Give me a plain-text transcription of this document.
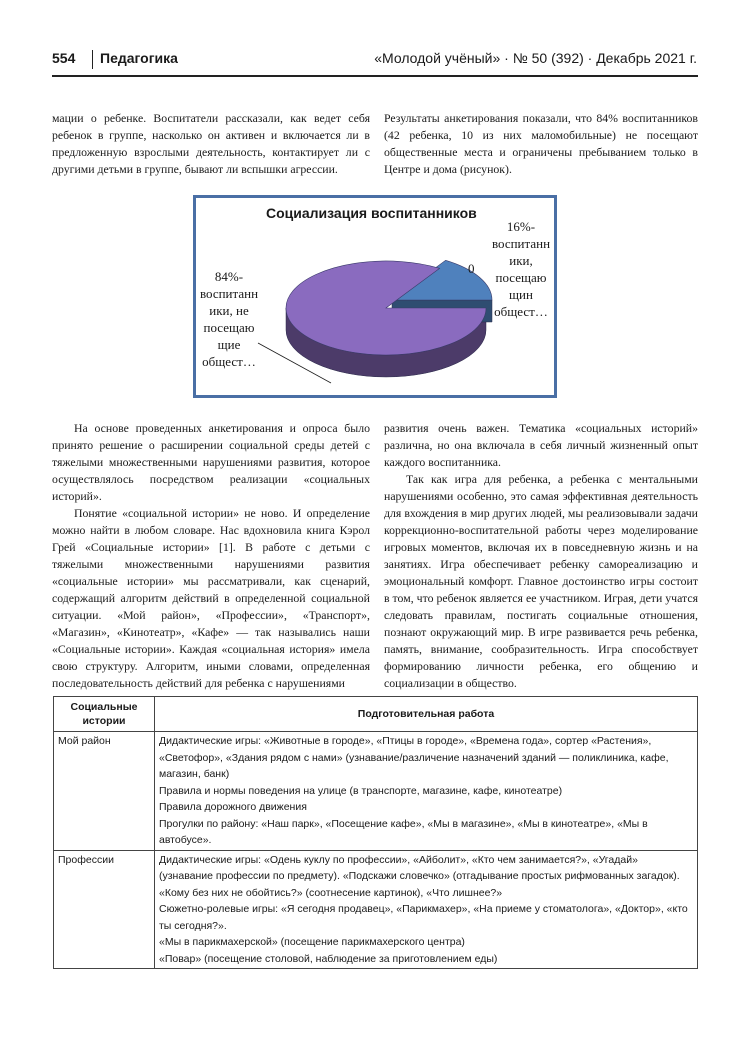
554 Педагогика	«Молодой учёный» · № 50 (392) · Декабрь 2021 г.

мации о ребенке. Воспитатели рассказали, как ведет себя ребенок в группе, насколько он активен и включается ли в предложенную взрослыми деятельность, контактирует ли с другими детьми в группе, бывают ли вспышки агрессии.

Результаты анкетирования показали, что 84% воспитанников (42 ребенка, 10 из них маломобильные) не посещают общественные места и ограничены пребыванием только в Центре и дома (рисунок).

Социализация воспитанников
84%-воспитанн ики, не посещаю щие общест…
16%-воспитанн ики, посещаю щин общест…
0

На основе проведенных анкетирования и опроса было принято решение о расширении социальной среды детей с тяжелыми множественными нарушениями развития, которое осуществлялось посредством реализации «социальных историй».

Понятие «социальной истории» не ново. И определение можно найти в любом словаре. Нас вдохновила книга Кэрол Грей «Социальные истории» [1]. В работе с детьми с тяжелыми множественными нарушениями развития «социальные истории» мы рассматривали, как сценарий, содержащий алгоритм действий в определенной социальной ситуации. «Мой район», «Профессии», «Транспорт», «Магазин», «Кинотеатр», «Кафе» — так назывались наши «Социальные истории». Каждая «социальная история» имела свою структуру. Алгоритм, иными словами, определенная последовательность действий для ребенка с нарушениями

развития очень важен. Тематика «социальных историй» различна, но она включала в себя личный жизненный опыт каждого воспитанника.

Так как игра для ребенка, а ребенка с ментальными нарушениями особенно, это самая эффективная деятельность для вхождения в мир других людей, мы реализовывали задачи коррекционно-воспитательной работы через моделирование игровых моментов, включая их в повседневную жизнь и на занятиях. Игра обеспечивает ребенку самореализацию и эмоциональный комфорт. Главное достоинство игры состоит в том, что ребенок является ее участником. Играя, дети учатся следовать правилам, постигать социальные отношения, познают окружающий мир. В игре развивается речь ребенка, память, внимание, сообразительность. Игра способствует формированию личности ребенка, его общению и социализации в общество.

Социальные истории	Подготовительная работа
Мой район	Дидактические игры: «Животные в городе», «Птицы в городе», «Времена года», сортер «Растения», «Светофор», «Здания рядом с нами» (узнавание/различение назначений зданий — поликлиника, кафе, магазин, банк)
Правила и нормы поведения на улице (в транспорте, магазине, кафе, кинотеатре)
Правила дорожного движения
Прогулки по району: «Наш парк», «Посещение кафе», «Мы в магазине», «Мы в кинотеатре», «Мы в автобусе».

Профессии	Дидактические игры: «Одень куклу по профессии», «Айболит», «Кто чем занимается?», «Угадай» (узнавание профессии по предмету). «Подскажи словечко» (отгадывание простых рифмованных загадок). «Кому без них не обойтись?» (соотнесение картинок), «Что лишнее?»
Сюжетно-ролевые игры: «Я сегодня продавец», «Парикмахер», «На приеме у стоматолога», «Доктор», «кто ты сегодня?».
«Мы в парикмахерской» (посещение парикмахерского центра)
«Повар» (посещение столовой, наблюдение за приготовлением еды)
